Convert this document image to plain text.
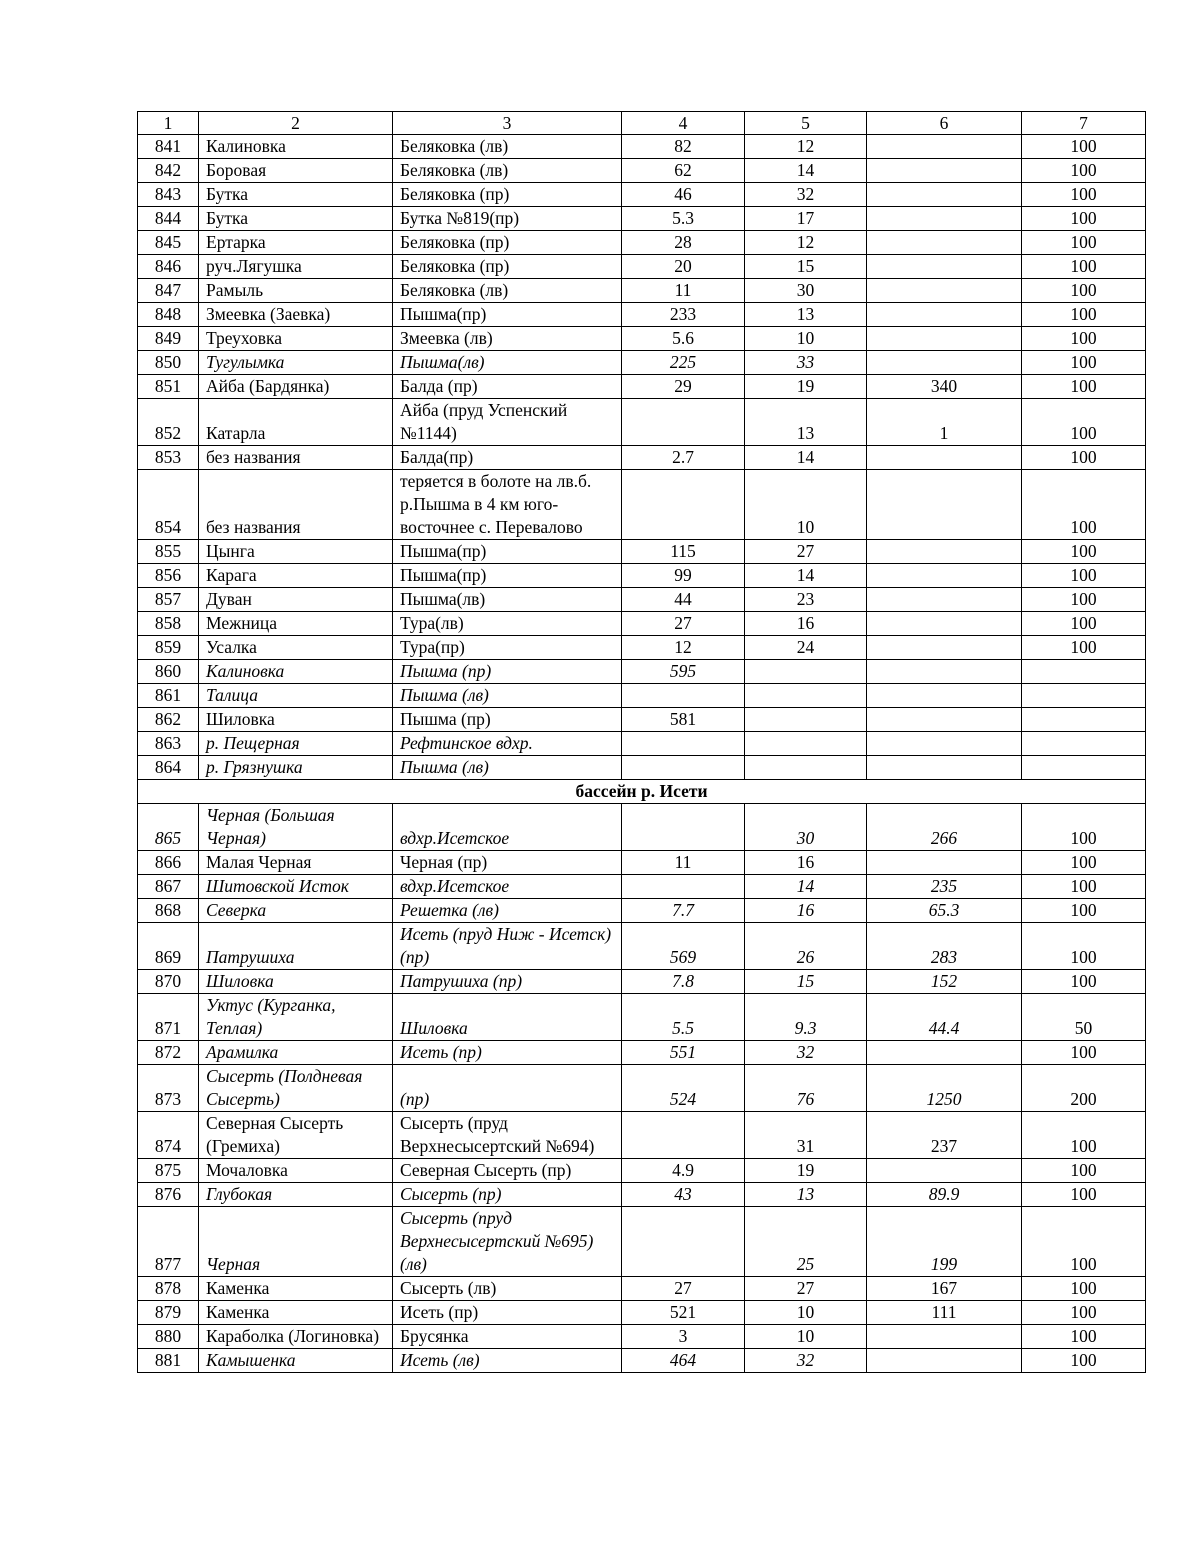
1	2	3	4	5	6	7
841	Калиновка	Беляковка (лв)	82	12		100
842	Боровая	Беляковка (лв)	62	14		100
843	Бутка	Беляковка (пр)	46	32		100
844	Бутка	Бутка №819(пр)	5.3	17		100
845	Ертарка	Беляковка (пр)	28	12		100
846	руч.Лягушка	Беляковка (пр)	20	15		100
847	Рамыль	Беляковка (лв)	11	30		100
848	Змеевка (Заевка)	Пышма(пр)	233	13		100
849	Треуховка	Змеевка (лв)	5.6	10		100
850	Тугулымка	Пышма(лв)	225	33		100
851	Айба (Бардянка)	Балда (пр)	29	19	340	100
852	Катарла	Айба (пруд Успенский №1144)		13	1	100
853	без названия	Балда(пр)	2.7	14		100
854	без названия	теряется в болоте на лв.б. р.Пышма в 4 км юго-восточнее с. Перевалово		10		100
855	Цынга	Пышма(пр)	115	27		100
856	Карага	Пышма(пр)	99	14		100
857	Дуван	Пышма(лв)	44	23		100
858	Межница	Тура(лв)	27	16		100
859	Усалка	Тура(пр)	12	24		100
860	Калиновка	Пышма (пр)	595			
861	Талица	Пышма (лв)				
862	Шиловка	Пышма (пр)	581			
863	р. Пещерная	Рефтинское вдхр.				
864	р. Грязнушка	Пышма (лв)				
бассейн р. Исети						
865	Черная (Большая Черная)	вдхр.Исетское		30	266	100
866	Малая Черная	Черная (пр)	11	16		100
867	Шитовской Исток	вдхр.Исетское		14	235	100
868	Северка	Решетка (лв)	7.7	16	65.3	100
869	Патрушиха	Исеть (пруд Ниж - Исетск) (пр)	569	26	283	100
870	Шиловка	Патрушиха (пр)	7.8	15	152	100
871	Уктус (Курганка, Теплая)	Шиловка	5.5	9.3	44.4	50
872	Арамилка	Исеть (пр)	551	32		100
873	Сысерть (Полдневая Сысерть)	(пр)	524	76	1250	200
874	Северная Сысерть (Гремиха)	Сысерть (пруд Верхнесысертский №694)		31	237	100
875	Мочаловка	Северная Сысерть (пр)	4.9	19		100
876	Глубокая	Сысерть (пр)	43	13	89.9	100
877	Черная	Сысерть (пруд Верхнесысертский №695) (лв)		25	199	100
878	Каменка	Сысерть (лв)	27	27	167	100
879	Каменка	Исеть (пр)	521	10	111	100
880	Караболка (Логиновка)	Брусянка	3	10		100
881	Камышенка	Исеть (лв)	464	32		100
